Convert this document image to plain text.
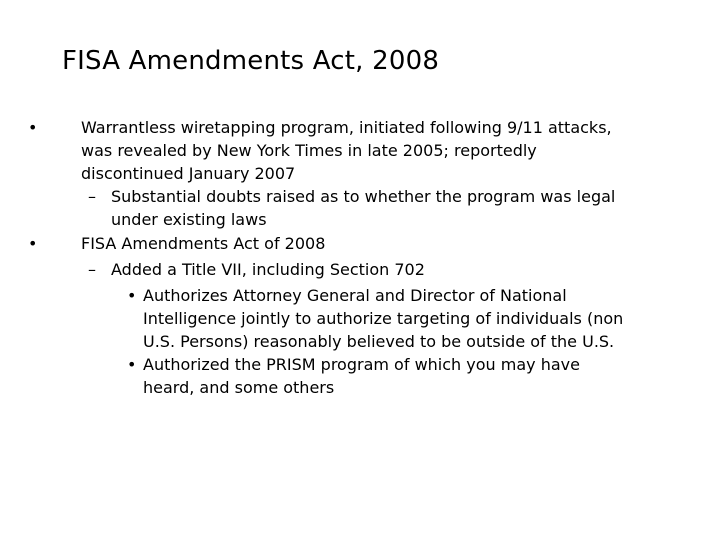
FISA Amendments Act, 2008
•	Warrantless wiretapping program, initiated following 9/11 attacks,
was revealed by New York Times in late 2005; reportedly
discontinued January 2007
– Substantial doubts raised as to whether the program was legal
under existing laws
•	FISA Amendments Act of 2008
– Added a Title VII, including Section 702
• Authorizes Attorney General and Director of National
Intelligence jointly to authorize targeting of individuals (non
U.S. Persons) reasonably believed to be outside of the U.S.
• Authorized the PRISM program of which you may have
heard, and some others
